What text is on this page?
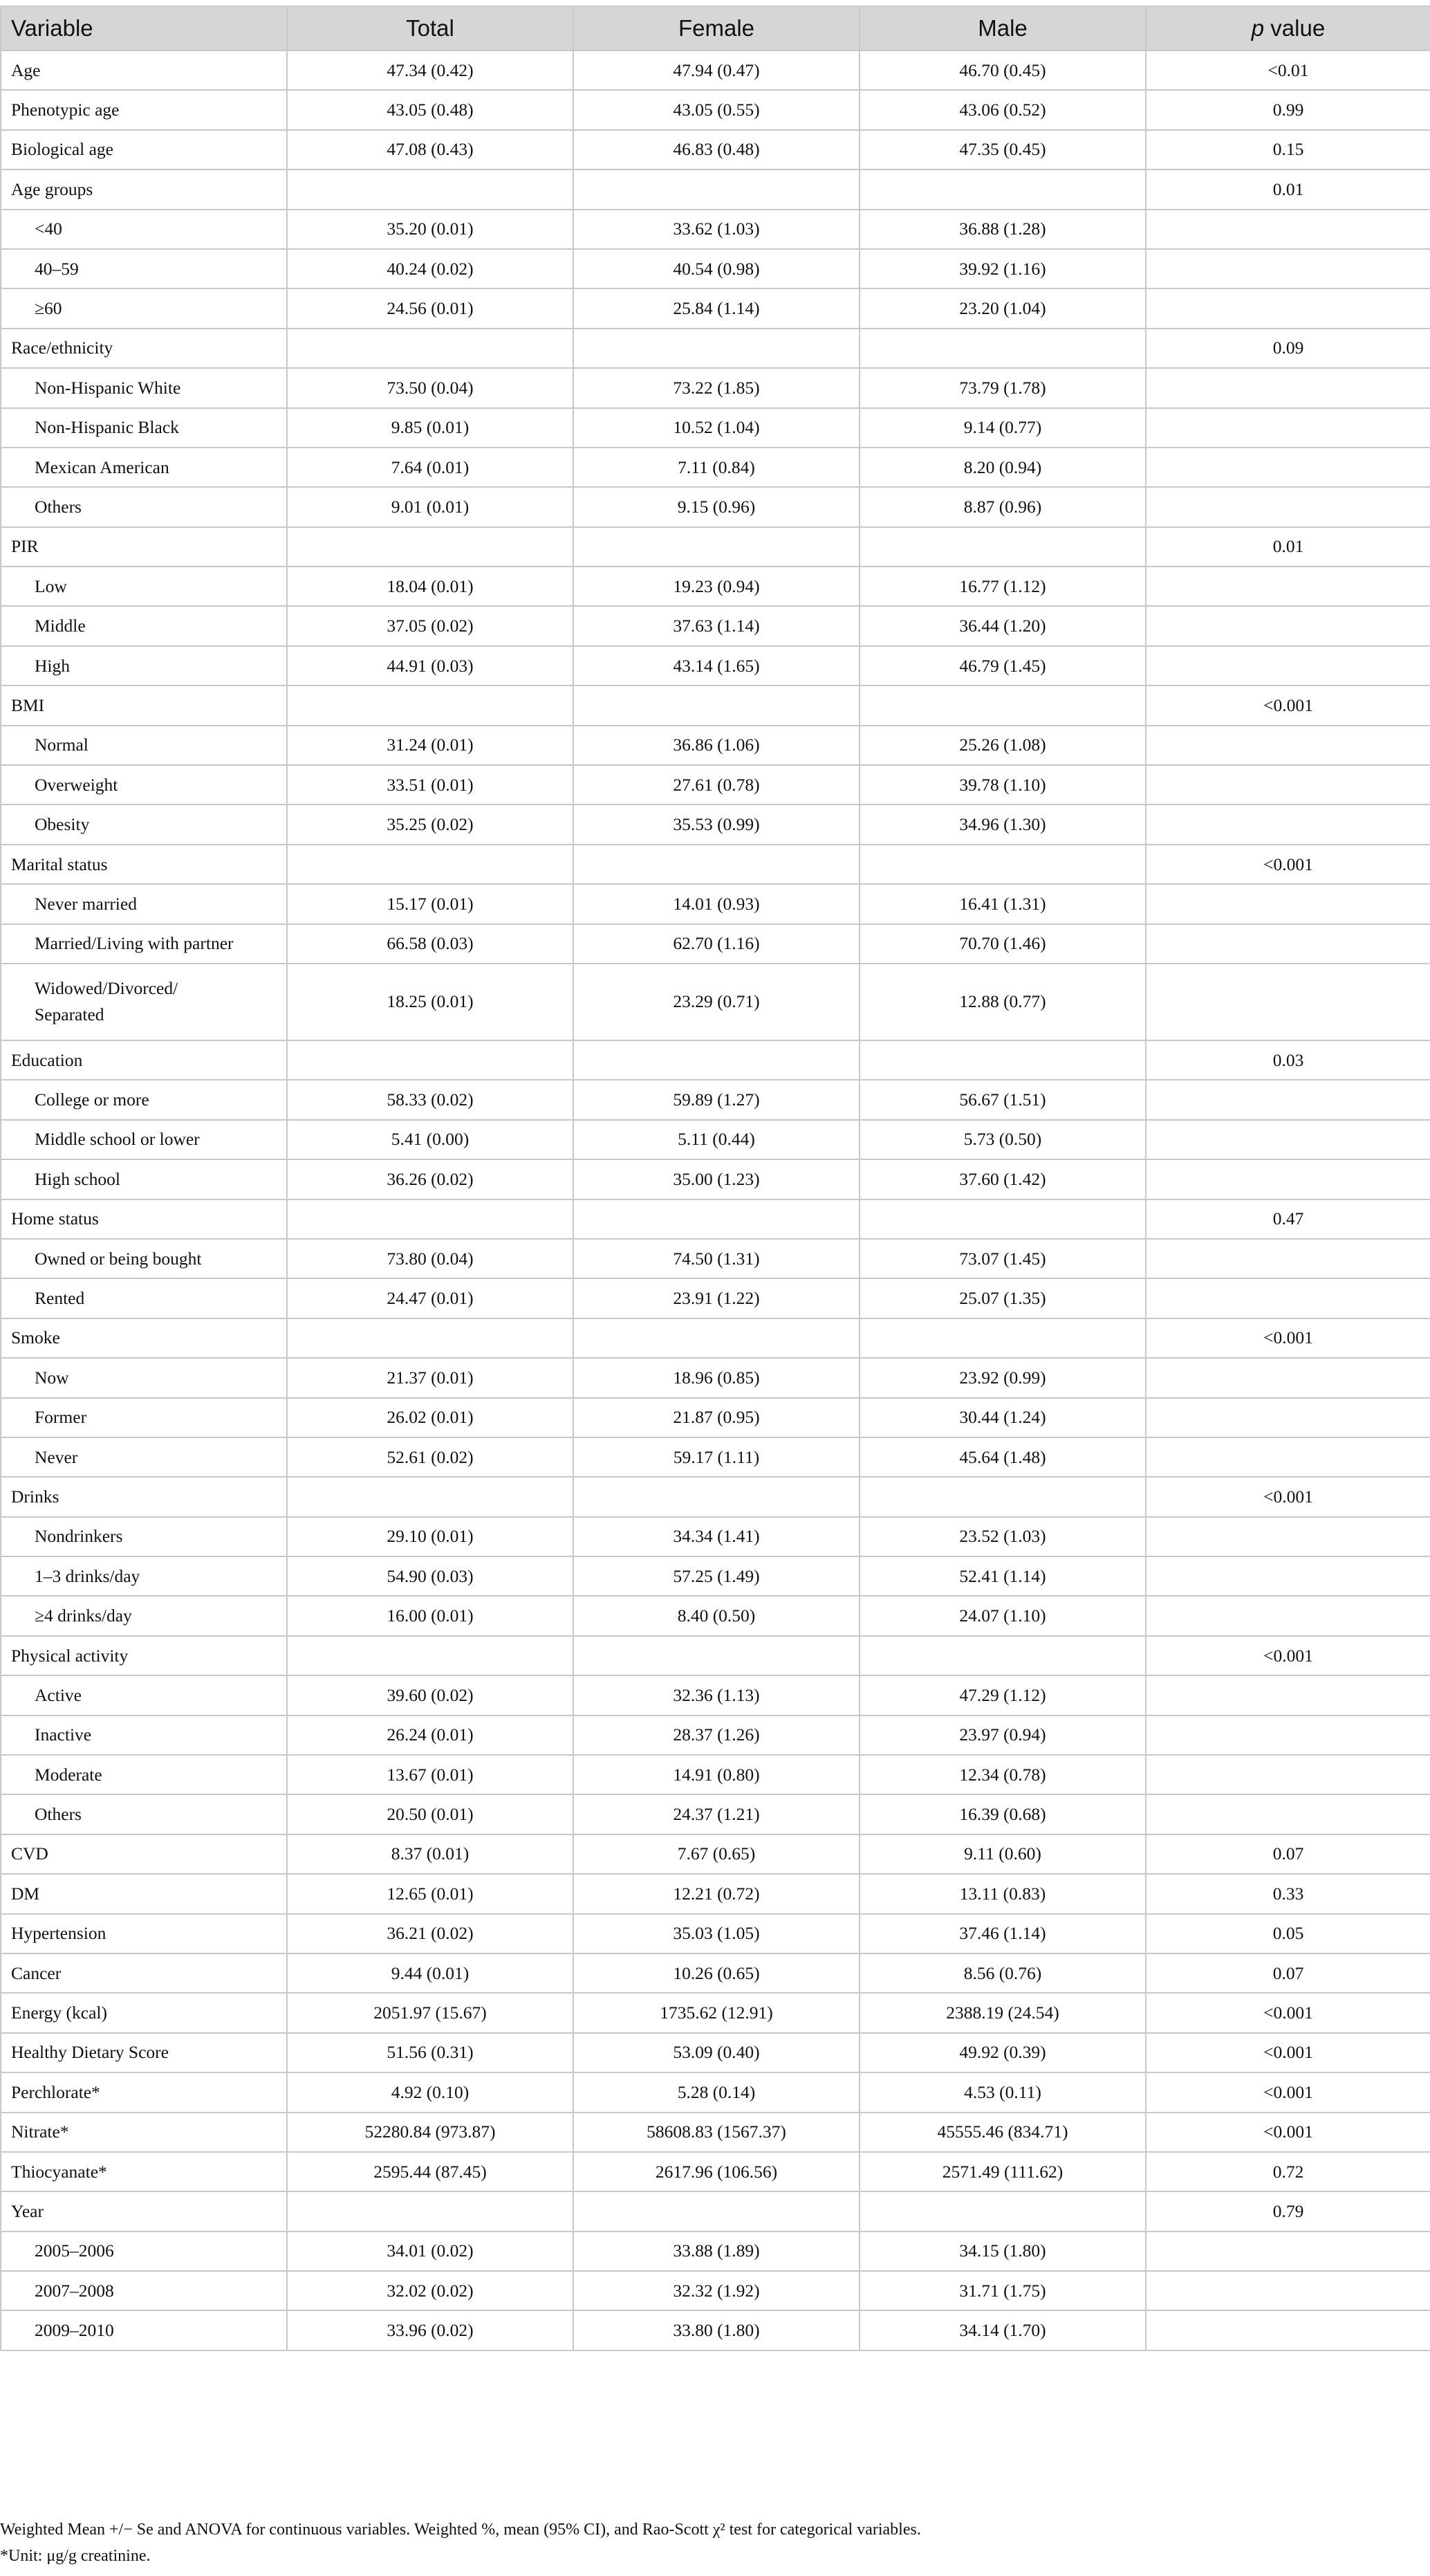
Variable	Total	Female	Male	p value
Age	47.34 (0.42)	47.94 (0.47)	46.70 (0.45)	<0.01
Phenotypic age	43.05 (0.48)	43.05 (0.55)	43.06 (0.52)	0.99
Biological age	47.08 (0.43)	46.83 (0.48)	47.35 (0.45)	0.15
Age groups				0.01
<40	35.20 (0.01)	33.62 (1.03)	36.88 (1.28)	
40–59	40.24 (0.02)	40.54 (0.98)	39.92 (1.16)	
≥60	24.56 (0.01)	25.84 (1.14)	23.20 (1.04)	
Race/ethnicity				0.09
Non-Hispanic White	73.50 (0.04)	73.22 (1.85)	73.79 (1.78)	
Non-Hispanic Black	9.85 (0.01)	10.52 (1.04)	9.14 (0.77)	
Mexican American	7.64 (0.01)	7.11 (0.84)	8.20 (0.94)	
Others	9.01 (0.01)	9.15 (0.96)	8.87 (0.96)	
PIR				0.01
Low	18.04 (0.01)	19.23 (0.94)	16.77 (1.12)	
Middle	37.05 (0.02)	37.63 (1.14)	36.44 (1.20)	
High	44.91 (0.03)	43.14 (1.65)	46.79 (1.45)	
BMI				<0.001
Normal	31.24 (0.01)	36.86 (1.06)	25.26 (1.08)	
Overweight	33.51 (0.01)	27.61 (0.78)	39.78 (1.10)	
Obesity	35.25 (0.02)	35.53 (0.99)	34.96 (1.30)	
Marital status				<0.001
Never married	15.17 (0.01)	14.01 (0.93)	16.41 (1.31)	
Married/Living with partner	66.58 (0.03)	62.70 (1.16)	70.70 (1.46)	
Widowed/Divorced/
Separated	18.25 (0.01)	23.29 (0.71)	12.88 (0.77)	
Education				0.03
College or more	58.33 (0.02)	59.89 (1.27)	56.67 (1.51)	
Middle school or lower	5.41 (0.00)	5.11 (0.44)	5.73 (0.50)	
High school	36.26 (0.02)	35.00 (1.23)	37.60 (1.42)	
Home status				0.47
Owned or being bought	73.80 (0.04)	74.50 (1.31)	73.07 (1.45)	
Rented	24.47 (0.01)	23.91 (1.22)	25.07 (1.35)	
Smoke				<0.001
Now	21.37 (0.01)	18.96 (0.85)	23.92 (0.99)	
Former	26.02 (0.01)	21.87 (0.95)	30.44 (1.24)	
Never	52.61 (0.02)	59.17 (1.11)	45.64 (1.48)	
Drinks				<0.001
Nondrinkers	29.10 (0.01)	34.34 (1.41)	23.52 (1.03)	
1–3 drinks/day	54.90 (0.03)	57.25 (1.49)	52.41 (1.14)	
≥4 drinks/day	16.00 (0.01)	8.40 (0.50)	24.07 (1.10)	
Physical activity				<0.001
Active	39.60 (0.02)	32.36 (1.13)	47.29 (1.12)	
Inactive	26.24 (0.01)	28.37 (1.26)	23.97 (0.94)	
Moderate	13.67 (0.01)	14.91 (0.80)	12.34 (0.78)	
Others	20.50 (0.01)	24.37 (1.21)	16.39 (0.68)	
CVD	8.37 (0.01)	7.67 (0.65)	9.11 (0.60)	0.07
DM	12.65 (0.01)	12.21 (0.72)	13.11 (0.83)	0.33
Hypertension	36.21 (0.02)	35.03 (1.05)	37.46 (1.14)	0.05
Cancer	9.44 (0.01)	10.26 (0.65)	8.56 (0.76)	0.07
Energy (kcal)	2051.97 (15.67)	1735.62 (12.91)	2388.19 (24.54)	<0.001
Healthy Dietary Score	51.56 (0.31)	53.09 (0.40)	49.92 (0.39)	<0.001
Perchlorate*	4.92 (0.10)	5.28 (0.14)	4.53 (0.11)	<0.001
Nitrate*	52280.84 (973.87)	58608.83 (1567.37)	45555.46 (834.71)	<0.001
Thiocyanate*	2595.44 (87.45)	2617.96 (106.56)	2571.49 (111.62)	0.72
Year				0.79
2005–2006	34.01 (0.02)	33.88 (1.89)	34.15 (1.80)	
2007–2008	32.02 (0.02)	32.32 (1.92)	31.71 (1.75)	
2009–2010	33.96 (0.02)	33.80 (1.80)	34.14 (1.70)	
Weighted Mean +/− Se and ANOVA for continuous variables. Weighted %, mean (95% CI), and Rao-Scott χ² test for categorical variables.
*Unit: μg/g creatinine.
